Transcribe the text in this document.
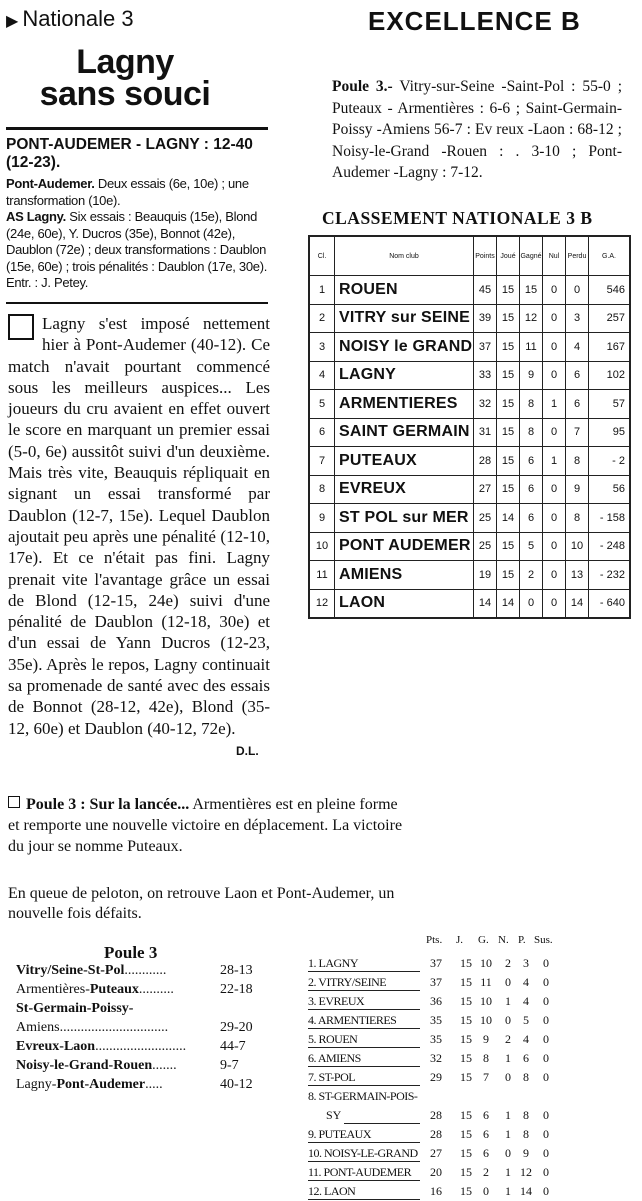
▶ Nationale 3
Lagny
sans souci
PONT-AUDEMER - LAGNY : 12-40 (12-23).
Pont-Audemer. Deux essais (6e, 10e) ; une transformation (10e).
AS Lagny. Six essais : Beauquis (15e), Blond (24e, 60e), Y. Ducros (35e), Bonnot (42e), Daublon (72e) ; deux transformations : Daublon (15e, 60e) ; trois pénalités : Daublon (17e, 30e). Entr. : J. Petey.
Lagny s'est imposé nettement hier à Pont-Audemer (40-12). Ce match n'avait pourtant commencé sous les meilleurs auspices... Les joueurs du cru avaient en effet ouvert le score en marquant un premier essai (5-0, 6e) aussitôt suivi d'un deuxième. Mais très vite, Beauquis répliquait en signant un essai transformé par Daublon (12-7, 15e). Lequel Daublon ajoutait peu après une pénalité (12-10, 17e). Et ce n'était pas fini. Lagny prenait vite l'avantage grâce un essai de Blond (12-15, 24e) suivi d'une pénalité de Daublon (12-18, 30e) et d'un essai de Yann Ducros (12-23, 35e). Après le repos, Lagny continuait sa promenade de santé avec des essais de Bonnot (28-12, 42e), Blond (35-12, 60e) et Daublon (40-12, 72e).
D.L.
EXCELLENCE B
Poule 3.- Vitry-sur-Seine -Saint-Pol : 55-0 ; Puteaux - Armentières : 6-6 ; Saint-Germain-Poissy -Amiens 56-7 : Ev reux -Laon : 68-12 ; Noisy-le-Grand -Rouen : . 3-10 ; Pont-Audemer -Lagny : 7-12.
CLASSEMENT NATIONALE 3 B
Cl.	Nom club	Points	Joué	Gagné	Nul	Perdu	G.A.
1	ROUEN	45	15	15	0	0	546
2	VITRY sur SEINE	39	15	12	0	3	257
3	NOISY le GRAND	37	15	11	0	4	167
4	LAGNY	33	15	9	0	6	102
5	ARMENTIERES	32	15	8	1	6	57
6	SAINT GERMAIN	31	15	8	0	7	95
7	PUTEAUX	28	15	6	1	8	- 2
8	EVREUX	27	15	6	0	9	56
9	ST POL sur MER	25	14	6	0	8	- 158
10	PONT AUDEMER	25	15	5	0	10	- 248
11	AMIENS	19	15	2	0	13	- 232
12	LAON	14	14	0	0	14	- 640
Poule 3 : Sur la lancée... Armentières est en pleine forme et remporte une nouvelle victoire en déplacement. La victoire du jour se nomme Puteaux.
En queue de peloton, on retrouve Laon et Pont-Audemer, un nouvelle fois défaits.
Poule 3
Vitry/Seine-St-Pol............	28-13
Armentières-Puteaux..........	22-18
St-Germain-Poissy-
Amiens...............................	29-20
Evreux-Laon.......................... 44-7
Noisy-le-Grand-Rouen.......	9-7
Lagny-Pont-Audemer.....	40-12
Pts. J. G. N. P. Sus.
1. LAGNY	37	15 10	2	3	0
2. VITRY/SEINE	37	15 11	0	4	0
3. EVREUX	36	15 10	1	4	0
4. ARMENTIERES	35	15 10	0	5	0
5. ROUEN	35	15 9	2	4	0
6. AMIENS	32	15 8	1	6	0
7. ST-POL	29	15 7	0	8	0
8. ST-GERMAIN-POIS-
SY	28	15 6	1	8	0
9. PUTEAUX	28	15 6	1	8	0
10. NOISY-LE-GRAND	27	15 6	0	9	0
11. PONT-AUDEMER	20	15 2	1 12 0
12. LAON	16	15 0	1 14 0
